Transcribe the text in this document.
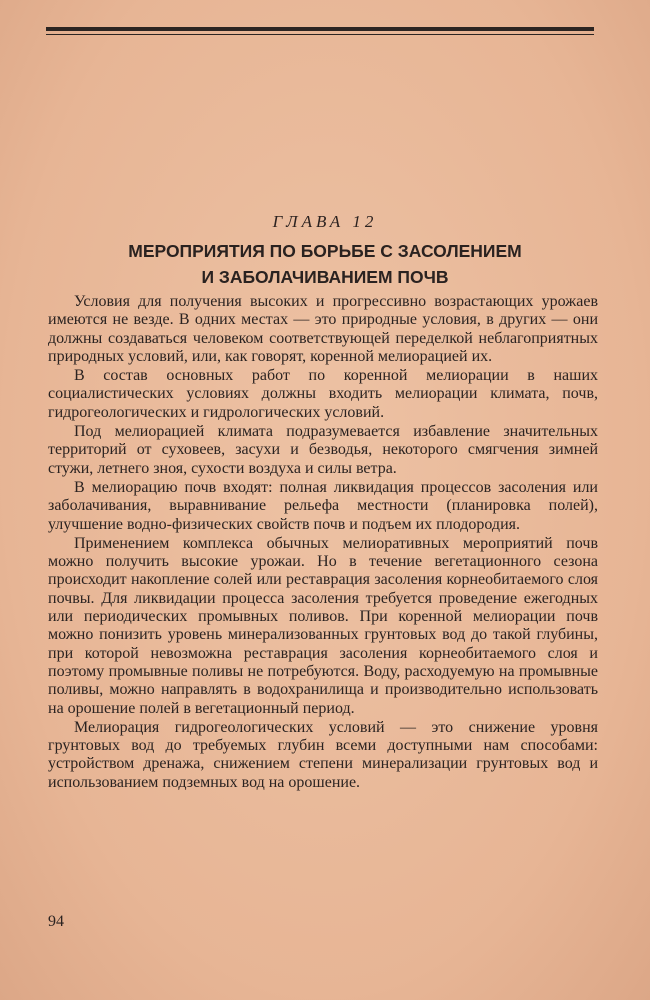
ГЛАВА 12
МЕРОПРИЯТИЯ ПО БОРЬБЕ С ЗАСОЛЕНИЕМ
И ЗАБОЛАЧИВАНИЕМ ПОЧВ

Условия для получения высоких и прогрессивно возрастающих урожаев имеются не везде. В одних местах — это природные условия, в других — они должны создаваться человеком соответствующей переделкой неблагоприятных природных условий, или, как говорят, коренной мелиорацией их.

В состав основных работ по коренной мелиорации в наших социалистических условиях должны входить мелиорации климата, почв, гидрогеологических и гидрологических условий.

Под мелиорацией климата подразумевается избавление значительных территорий от суховеев, засухи и безводья, некоторого смягчения зимней стужи, летнего зноя, сухости воздуха и силы ветра.

В мелиорацию почв входят: полная ликвидация процессов засоления или заболачивания, выравнивание рельефа местности (планировка полей), улучшение водно-физических свойств почв и подъем их плодородия.

Применением комплекса обычных мелиоративных мероприятий почв можно получить высокие урожаи. Но в течение вегетационного сезона происходит накопление солей или реставрация засоления корнеобитаемого слоя почвы. Для ликвидации процесса засоления требуется проведение ежегодных или периодических промывных поливов. При коренной мелиорации почв можно понизить уровень минерализованных грунтовых вод до такой глубины, при которой невозможна реставрация засоления корнеобитаемого слоя и поэтому промывные поливы не потребуются. Воду, расходуемую на промывные поливы, можно направлять в водохранилища и производительно использовать на орошение полей в вегетационный период.

Мелиорация гидрогеологических условий — это снижение уровня грунтовых вод до требуемых глубин всеми доступными нам способами: устройством дренажа, снижением степени минерализации грунтовых вод и использованием подземных вод на орошение.

94
